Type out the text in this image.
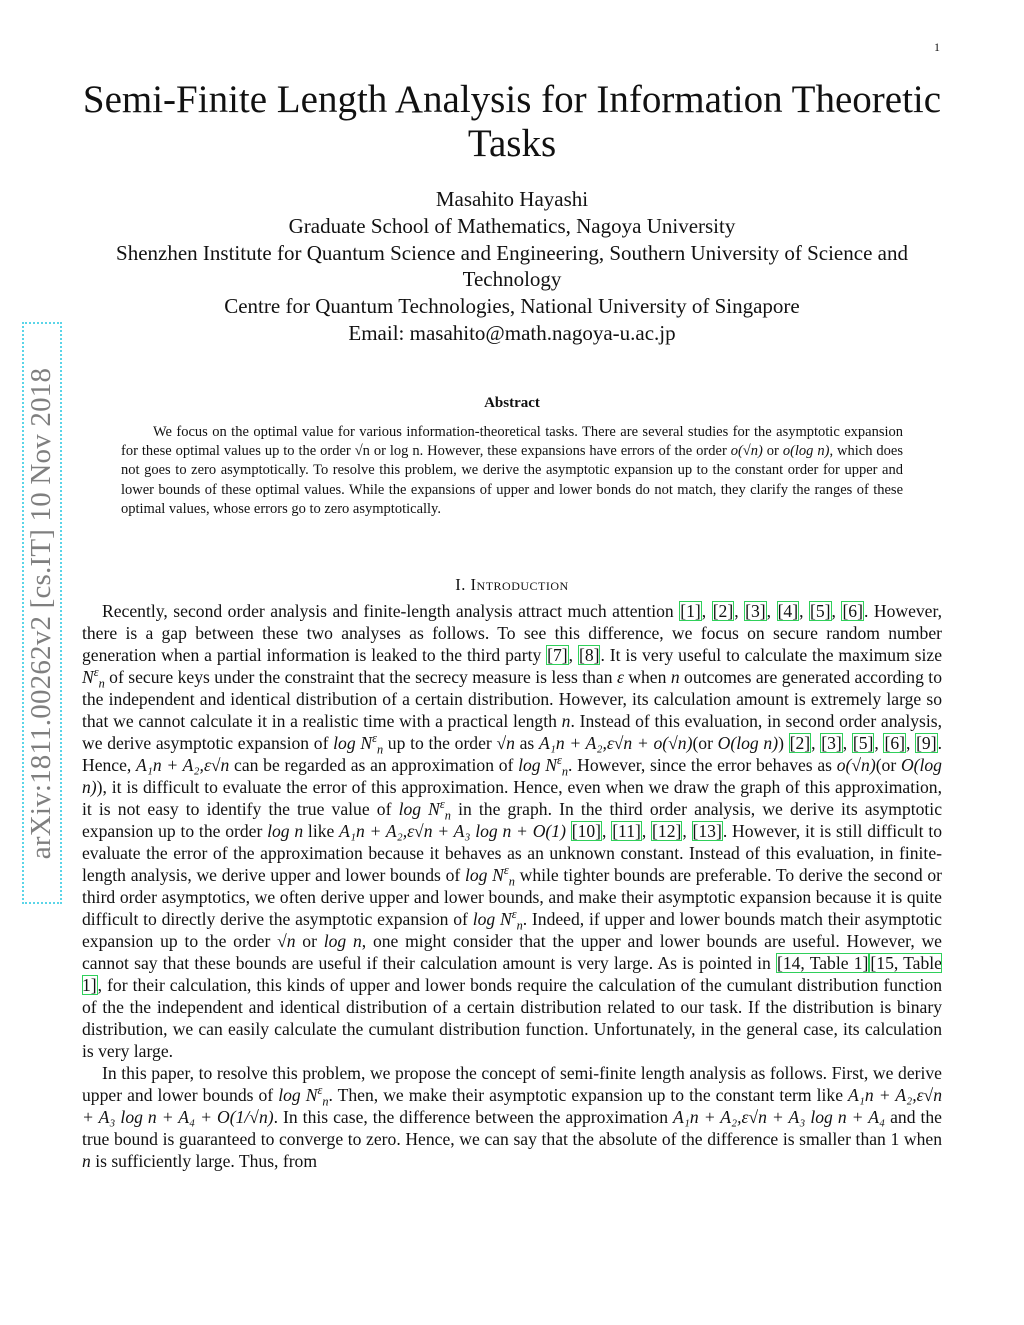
1
arXiv:1811.00262v2 [cs.IT] 10 Nov 2018
Semi-Finite Length Analysis for Information Theoretic Tasks
Masahito Hayashi
Graduate School of Mathematics, Nagoya University
Shenzhen Institute for Quantum Science and Engineering, Southern University of Science and Technology
Centre for Quantum Technologies, National University of Singapore
Email: masahito@math.nagoya-u.ac.jp
Abstract
We focus on the optimal value for various information-theoretical tasks. There are several studies for the asymptotic expansion for these optimal values up to the order √n or log n. However, these expansions have errors of the order o(√n) or o(log n), which does not goes to zero asymptotically. To resolve this problem, we derive the asymptotic expansion up to the constant order for upper and lower bounds of these optimal values. While the expansions of upper and lower bonds do not match, they clarify the ranges of these optimal values, whose errors go to zero asymptotically.
I. Introduction

Recently, second order analysis and finite-length analysis attract much attention [1], [2], [3], [4], [5], [6]. However, there is a gap between these two analyses as follows. To see this difference, we focus on secure random number generation when a partial information is leaked to the third party [7], [8]. It is very useful to calculate the maximum size $N^\varepsilon_n$ of secure keys under the constraint that the secrecy measure is less than ε when n outcomes are generated according to the independent and identical distribution of a certain distribution. However, its calculation amount is extremely large so that we cannot calculate it in a realistic time with a practical length n. Instead of this evaluation, in second order analysis, we derive asymptotic expansion of $\log N^\varepsilon_n$ up to the order √n as A₁n + A₂,ε√n + o(√n)(or O(log n)) [2], [3], [5], [6], [9]. Hence, A₁n + A₂,ε√n can be regarded as an approximation of $\log N^\varepsilon_n$. However, since the error behaves as o(√n)(or O(log n)), it is difficult to evaluate the error of this approximation. Hence, even when we draw the graph of this approximation, it is not easy to identify the true value of $\log N^\varepsilon_n$ in the graph. In the third order analysis, we derive its asymptotic expansion up to the order log n like A₁n + A₂,ε√n + A₃ log n + O(1) [10], [11], [12], [13]. However, it is still difficult to evaluate the error of the approximation because it behaves as an unknown constant. Instead of this evaluation, in finite-length analysis, we derive upper and lower bounds of $\log N^\varepsilon_n$ while tighter bounds are preferable. To derive the second or third order asymptotics, we often derive upper and lower bounds, and make their asymptotic expansion because it is quite difficult to directly derive the asymptotic expansion of $\log N^\varepsilon_n$. Indeed, if upper and lower bounds match their asymptotic expansion up to the order √n or log n, one might consider that the upper and lower bounds are useful. However, we cannot say that these bounds are useful if their calculation amount is very large. As is pointed in [14, Table 1] [15, Table 1], for their calculation, this kinds of upper and lower bonds require the calculation of the cumulant distribution function of the the independent and identical distribution of a certain distribution related to our task. If the distribution is binary distribution, we can easily calculate the cumulant distribution function. Unfortunately, in the general case, its calculation is very large.

In this paper, to resolve this problem, we propose the concept of semi-finite length analysis as follows. First, we derive upper and lower bounds of $\log N^\varepsilon_n$. Then, we make their asymptotic expansion up to the constant term like A₁n + A₂,ε√n + A₃ log n + A₄ + O(1/√n). In this case, the difference between the approximation A₁n + A₂,ε√n + A₃ log n + A₄ and the true bound is guaranteed to converge to zero. Hence, we can say that the absolute of the difference is smaller than 1 when n is sufficiently large. Thus, from
